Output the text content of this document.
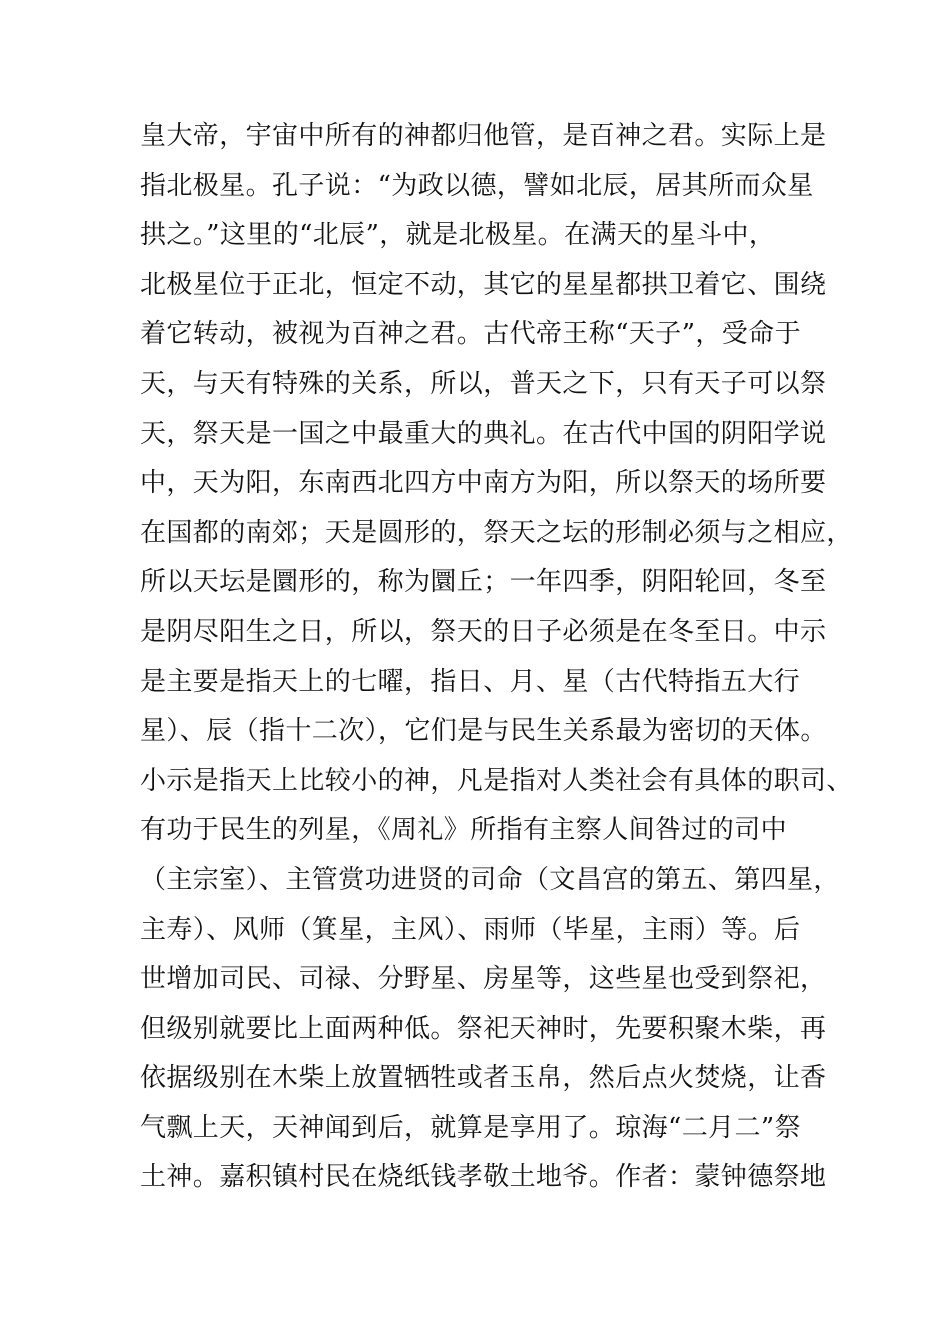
皇大帝，宇宙中所有的神都归他管，是百神之君。实际上是
指北极星。孔子说：“为政以德，譬如北辰，居其所而众星
拱之。”这里的“北辰”，就是北极星。在满天的星斗中，
北极星位于正北，恒定不动，其它的星星都拱卫着它、围绕
着它转动，被视为百神之君。古代帝王称“天子”，受命于
天，与天有特殊的关系，所以，普天之下，只有天子可以祭
天，祭天是一国之中最重大的典礼。在古代中国的阴阳学说
中，天为阳，东南西北四方中南方为阳，所以祭天的场所要
在国都的南郊；天是圆形的，祭天之坛的形制必须与之相应，
所以天坛是圜形的，称为圜丘；一年四季，阴阳轮回，冬至
是阴尽阳生之日，所以，祭天的日子必须是在冬至日。中示
是主要是指天上的七曜，指日、月、星（古代特指五大行
星）、辰（指十二次），它们是与民生关系最为密切的天体。
小示是指天上比较小的神，凡是指对人类社会有具体的职司、
有功于民生的列星，《周礼》所指有主察人间咎过的司中
（主宗室）、主管赏功进贤的司命（文昌宫的第五、第四星，
主寿）、风师（箕星，主风）、雨师（毕星，主雨）等。后
世增加司民、司禄、分野星、房星等，这些星也受到祭祀，
但级别就要比上面两种低。祭祀天神时，先要积聚木柴，再
依据级别在木柴上放置牺牲或者玉帛，然后点火焚烧，让香
气飘上天，天神闻到后，就算是享用了。琼海“二月二”祭
土神。嘉积镇村民在烧纸钱孝敬土地爷。作者：蒙钟德祭地
